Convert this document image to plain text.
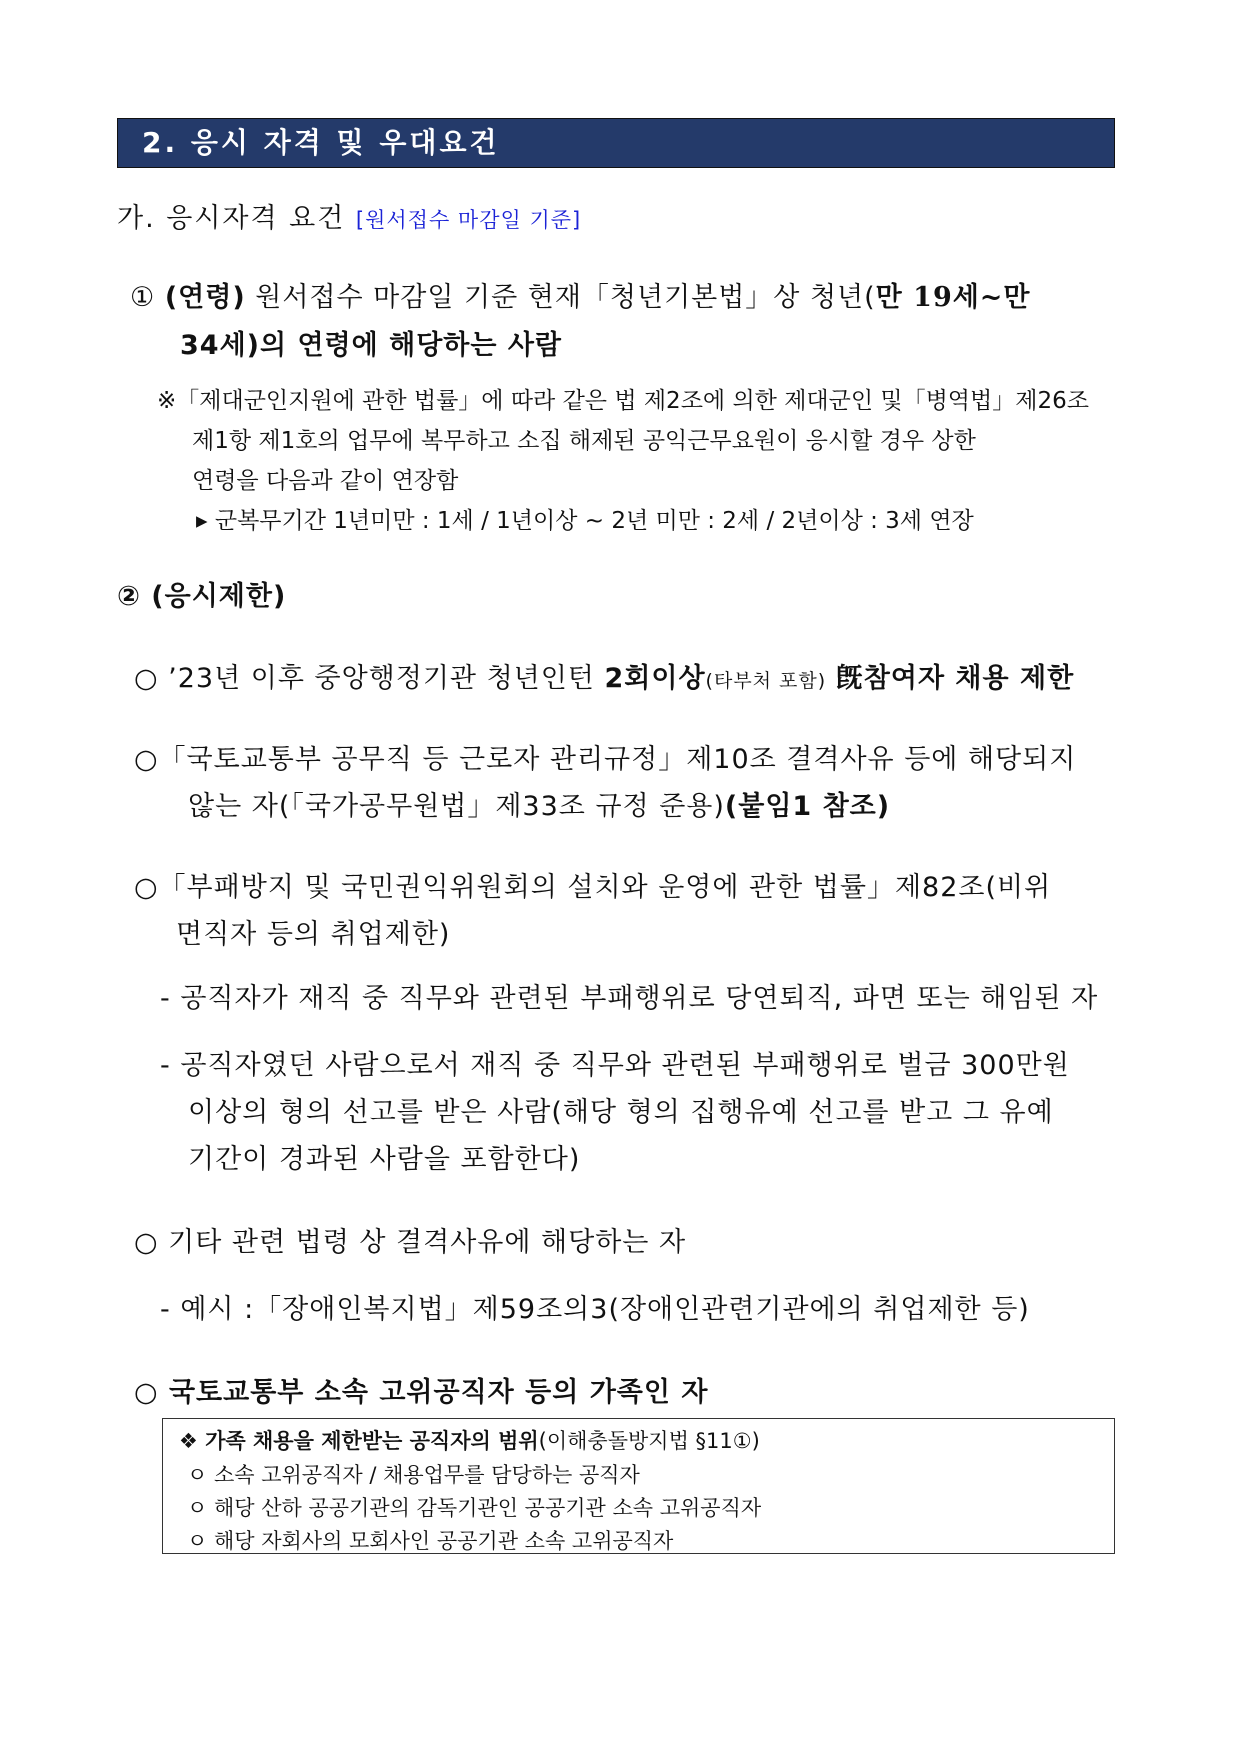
2. 응시 자격 및 우대요건
가. 응시자격 요건 [원서접수 마감일 기준]
① (연령) 원서접수 마감일 기준 현재「청년기본법」상 청년(만 19세~만
34세)의 연령에 해당하는 사람
※「제대군인지원에 관한 법률」에 따라 같은 법 제2조에 의한 제대군인 및「병역법」제26조
제1항 제1호의 업무에 복무하고 소집 해제된 공익근무요원이 응시할 경우 상한
연령을 다음과 같이 연장함
▸ 군복무기간 1년미만 : 1세 / 1년이상 ~ 2년 미만 : 2세 / 2년이상 : 3세 연장
② (응시제한)
○ ’23년 이후 중앙행정기관 청년인턴 2회이상(타부처 포함) 旣참여자 채용 제한
○「국토교통부 공무직 등 근로자 관리규정」제10조 결격사유 등에 해당되지
않는 자(「국가공무원법」제33조 규정 준용)(붙임1 참조)
○「부패방지 및 국민권익위원회의 설치와 운영에 관한 법률」제82조(비위
면직자 등의 취업제한)
- 공직자가 재직 중 직무와 관련된 부패행위로 당연퇴직, 파면 또는 해임된 자
- 공직자였던 사람으로서 재직 중 직무와 관련된 부패행위로 벌금 300만원
이상의 형의 선고를 받은 사람(해당 형의 집행유예 선고를 받고 그 유예
기간이 경과된 사람을 포함한다)
○ 기타 관련 법령 상 결격사유에 해당하는 자
- 예시 :「장애인복지법」제59조의3(장애인관련기관에의 취업제한 등)
○ 국토교통부 소속 고위공직자 등의 가족인 자
❖ 가족 채용을 제한받는 공직자의 범위(이해충돌방지법 §11①)
ㅇ 소속 고위공직자 / 채용업무를 담당하는 공직자
ㅇ 해당 산하 공공기관의 감독기관인 공공기관 소속 고위공직자
ㅇ 해당 자회사의 모회사인 공공기관 소속 고위공직자
